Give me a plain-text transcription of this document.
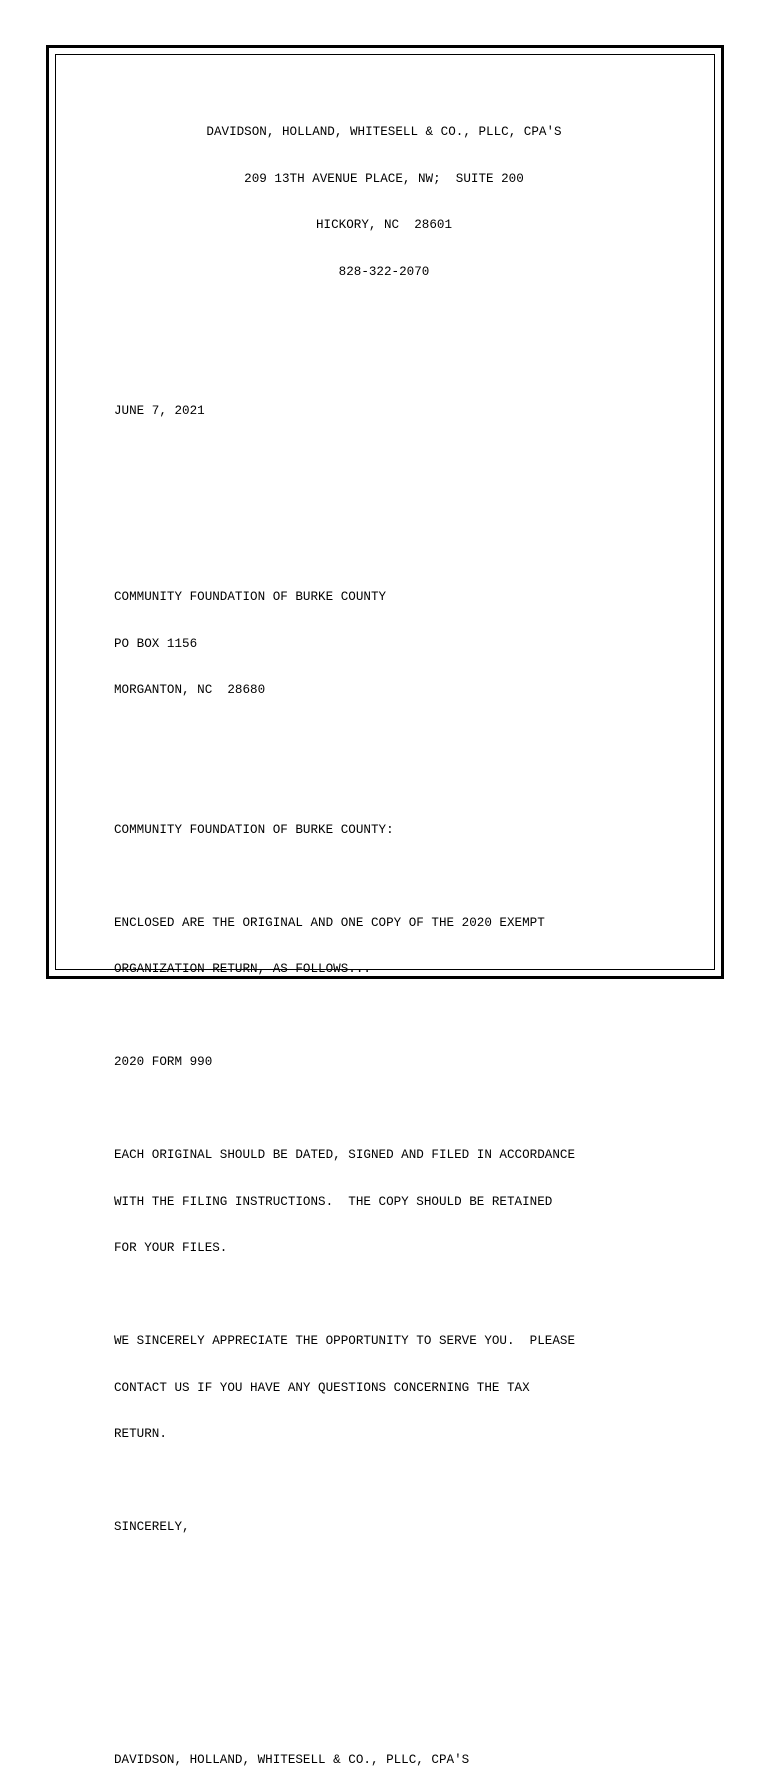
DAVIDSON, HOLLAND, WHITESELL & CO., PLLC, CPA'S

209 13TH AVENUE PLACE, NW;  SUITE 200

HICKORY, NC  28601

828-322-2070

JUNE 7, 2021

COMMUNITY FOUNDATION OF BURKE COUNTY

PO BOX 1156

MORGANTON, NC  28680

COMMUNITY FOUNDATION OF BURKE COUNTY:

ENCLOSED ARE THE ORIGINAL AND ONE COPY OF THE 2020 EXEMPT

ORGANIZATION RETURN, AS FOLLOWS...

2020 FORM 990

EACH ORIGINAL SHOULD BE DATED, SIGNED AND FILED IN ACCORDANCE

WITH THE FILING INSTRUCTIONS.  THE COPY SHOULD BE RETAINED

FOR YOUR FILES.

WE SINCERELY APPRECIATE THE OPPORTUNITY TO SERVE YOU.  PLEASE

CONTACT US IF YOU HAVE ANY QUESTIONS CONCERNING THE TAX

RETURN.

SINCERELY,

DAVIDSON, HOLLAND, WHITESELL & CO., PLLC, CPA'S
